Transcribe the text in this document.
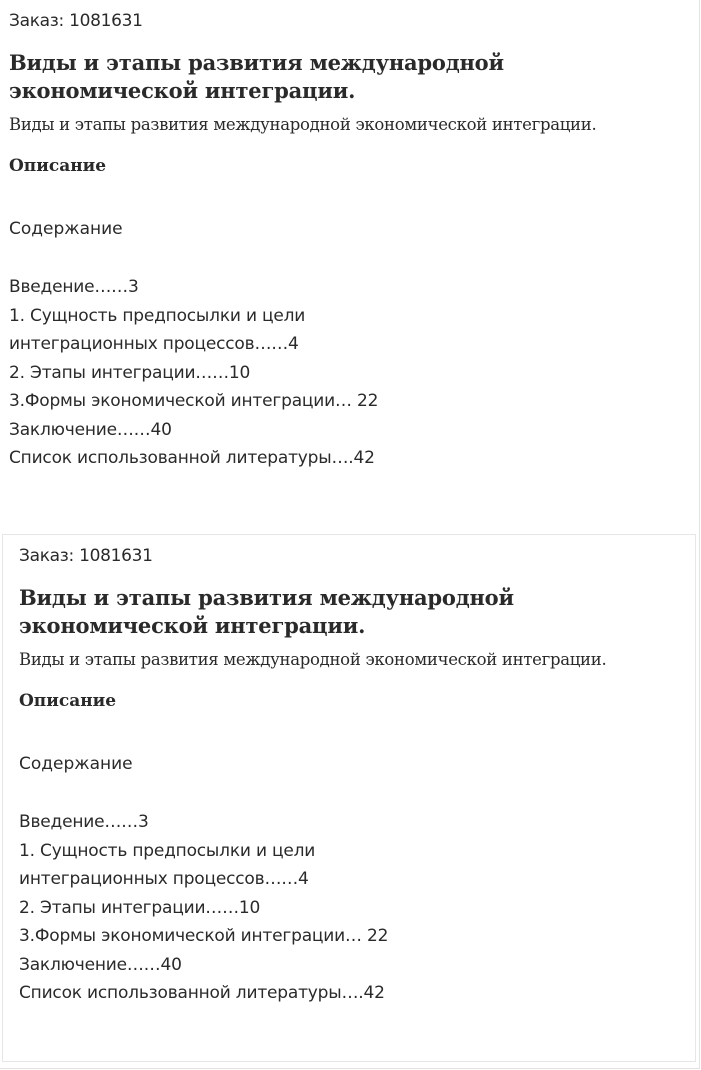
Заказ: 1081631
Виды и этапы развития международной экономической интеграции.
Виды и этапы развития международной экономической интеграции.
Описание
Содержание
Введение……3
1. Сущность предпосылки и цели
интеграционных процессов……4
2. Этапы интеграции……10
3.Формы экономической интеграции… 22
Заключение……40
Список использованной литературы….42
Заказ: 1081631
Виды и этапы развития международной экономической интеграции.
Виды и этапы развития международной экономической интеграции.
Описание
Содержание
Введение……3
1. Сущность предпосылки и цели
интеграционных процессов……4
2. Этапы интеграции……10
3.Формы экономической интеграции… 22
Заключение……40
Список использованной литературы….42
